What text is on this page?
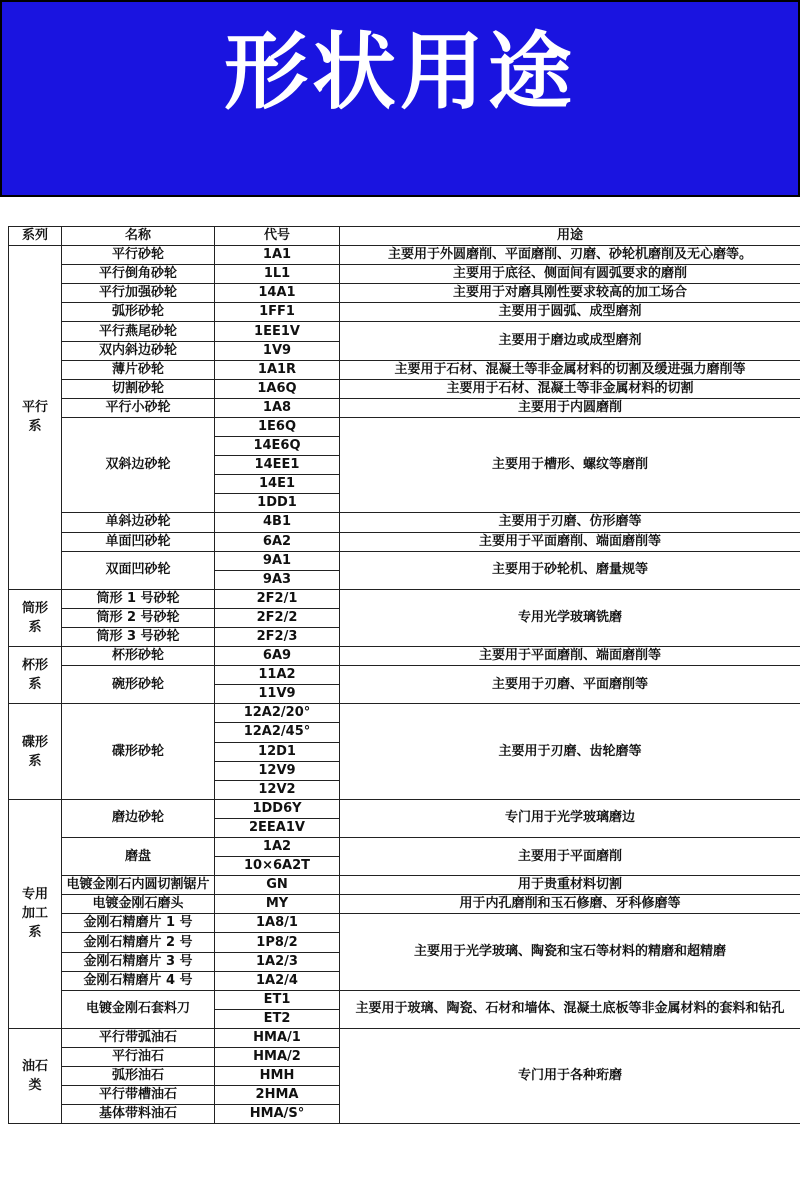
形状用途
系列	名称	代号	用途
平行系	平行砂轮	1A1	主要用于外圆磨削、平面磨削、刃磨、砂轮机磨削及无心磨等。
	平行倒角砂轮	1L1	主要用于底径、侧面间有圆弧要求的磨削
	平行加强砂轮	14A1	主要用于对磨具刚性要求较高的加工场合
	弧形砂轮	1FF1	主要用于圆弧、成型磨剂
	平行燕尾砂轮	1EE1V	主要用于磨边或成型磨剂
	双内斜边砂轮	1V9	
	薄片砂轮	1A1R	主要用于石材、混凝土等非金属材料的切割及缓进强力磨削等
	切割砂轮	1A6Q	主要用于石材、混凝土等非金属材料的切割
	平行小砂轮	1A8	主要用于内圆磨削
	双斜边砂轮	1E6Q	主要用于槽形、螺纹等磨削
		14E6Q	
		14EE1	
		14E1	
		1DD1	
	单斜边砂轮	4B1	主要用于刃磨、仿形磨等
	单面凹砂轮	6A2	主要用于平面磨削、端面磨削等
	双面凹砂轮	9A1	主要用于砂轮机、磨量规等
		9A3	
筒形系	筒形 1 号砂轮	2F2/1	专用光学玻璃铣磨
	筒形 2 号砂轮	2F2/2	
	筒形 3 号砂轮	2F2/3	
杯形系	杯形砂轮	6A9	主要用于平面磨削、端面磨削等
	碗形砂轮	11A2	主要用于刃磨、平面磨削等
		11V9	
碟形系	碟形砂轮	12A2/20°	主要用于刃磨、齿轮磨等
		12A2/45°	
		12D1	
		12V9	
		12V2	
专用加工系	磨边砂轮	1DD6Y	专门用于光学玻璃磨边
		2EEA1V	
	磨盘	1A2	主要用于平面磨削
		10×6A2T	
	电镀金刚石内圆切割锯片	GN	用于贵重材料切割

	电镀金刚石磨头	MY	用于内孔磨削和玉石修磨、牙科修磨等
	金刚石精磨片 1 号	1A8/1	主要用于光学玻璃、陶瓷和宝石等材料的精磨和超精磨
	金刚石精磨片 2 号	1P8/2	
	金刚石精磨片 3 号	1A2/3	
	金刚石精磨片 4 号	1A2/4	
	电镀金刚石套料刀	ET1	主要用于玻璃、陶瓷、石材和墙体、混凝土底板等非金属材料的套料和钻孔
		ET2	
油石类	平行带弧油石	HMA/1	专门用于各种珩磨
	平行油石	HMA/2	
	弧形油石	HMH	
	平行带槽油石	2HMA	
	基体带料油石	HMA/S°	
